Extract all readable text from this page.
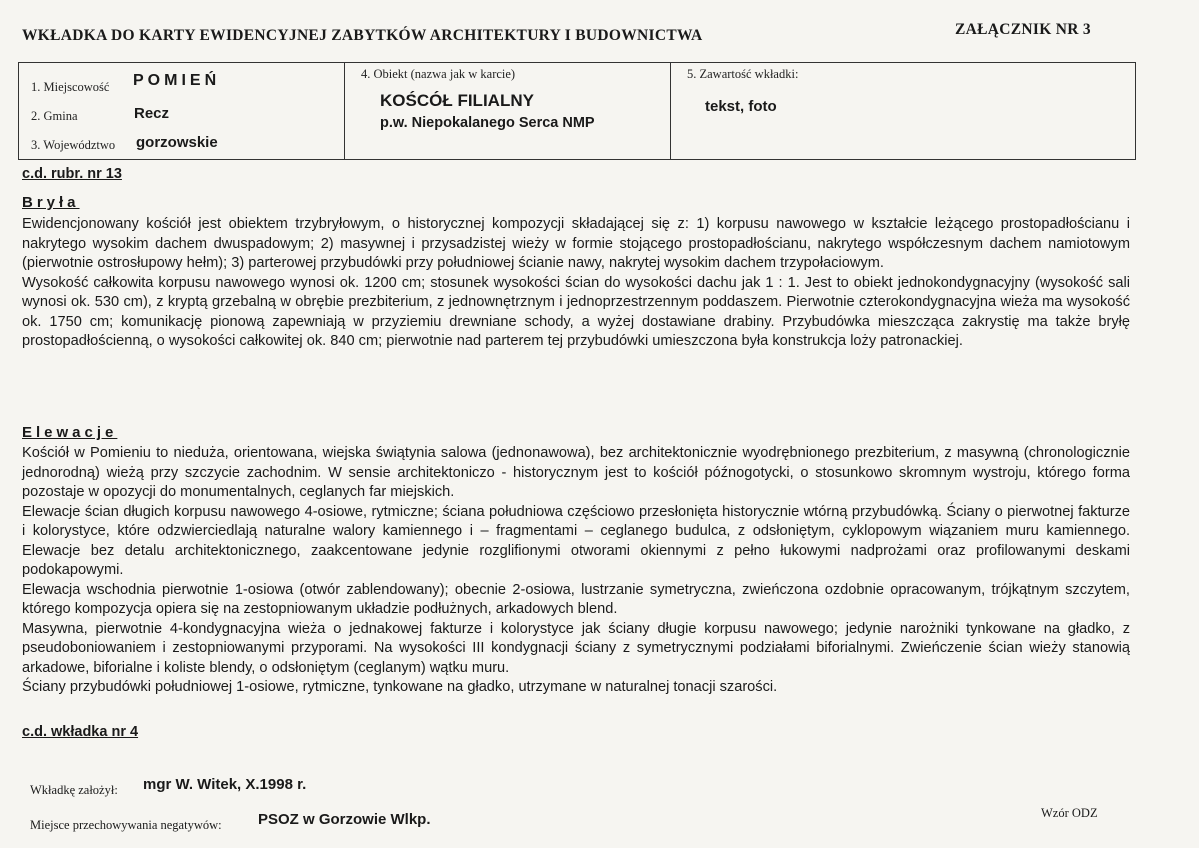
WKŁADKA DO KARTY EWIDENCYJNEJ ZABYTKÓW ARCHITEKTURY I BUDOWNICTWA	ZAŁĄCZNIK NR 3
1. Miejscowość POMIEŃ
2. Gmina	Recz
3. Województwo gorzowskie
4. Obiekt (nazwa jak w karcie)
KOŚCÓŁ FILIALNY
p.w. Niepokalanego Serca NMP
5. Zawartość wkładki:
tekst, foto
c.d. rubr. nr 13
Bryła

Ewidencjonowany kościół jest obiektem trzybryłowym, o historycznej kompozycji składającej się z: 1) korpusu nawowego w kształcie leżącego prostopadłościanu i nakrytego wysokim dachem dwuspadowym; 2) masywnej i przysadzistej wieży w formie stojącego prostopadłościanu, nakrytego współczesnym dachem namiotowym (pierwotnie ostrosłupowy hełm); 3) parterowej przybudówki przy południowej ścianie nawy, nakrytej wysokim dachem trzypołaciowym.

Wysokość całkowita korpusu nawowego wynosi ok. 1200 cm; stosunek wysokości ścian do wysokości dachu jak 1 : 1. Jest to obiekt jednokondygnacyjny (wysokość sali wynosi ok. 530 cm), z kryptą grzebalną w obrębie prezbiterium, z jednownętrznym i jednoprzestrzennym poddaszem. Pierwotnie czterokondygnacyjna wieża ma wysokość ok. 1750 cm; komunikację pionową zapewniają w przyziemiu drewniane schody, a wyżej dostawiane drabiny. Przybudówka mieszcząca zakrystię ma także bryłę prostopadłościenną, o wysokości całkowitej ok. 840 cm; pierwotnie nad parterem tej przybudówki umieszczona była konstrukcja loży patronackiej.

Elewacje

Kościół w Pomieniu to nieduża, orientowana, wiejska świątynia salowa (jednonawowa), bez architektonicznie wyodrębnionego prezbiterium, z masywną (chronologicznie jednorodną) wieżą przy szczycie zachodnim. W sensie architektoniczo - historycznym jest to kościół późnogotycki, o stosunkowo skromnym wystroju, którego forma pozostaje w opozycji do monumentalnych, ceglanych far miejskich.

Elewacje ścian długich korpusu nawowego 4-osiowe, rytmiczne; ściana południowa częściowo przesłonięta historycznie wtórną przybudówką. Ściany o pierwotnej fakturze i kolorystyce, które odzwierciedlają naturalne walory kamiennego i – fragmentami – ceglanego budulca, z odsłoniętym, cyklopowym wiązaniem muru kamiennego. Elewacje bez detalu architektonicznego, zaakcentowane jedynie rozglifionymi otworami okiennymi z pełno łukowymi nadprożami oraz profilowanymi deskami podokapowymi.

Elewacja wschodnia pierwotnie 1-osiowa (otwór zablendowany); obecnie 2-osiowa, lustrzanie symetryczna, zwieńczona ozdobnie opracowanym, trójkątnym szczytem, którego kompozycja opiera się na zestopniowanym układzie podłużnych, arkadowych blend.

Masywna, pierwotnie 4-kondygnacyjna wieża o jednakowej fakturze i kolorystyce jak ściany długie korpusu nawowego; jedynie narożniki tynkowane na gładko, z pseudoboniowaniem i zestopniowanymi przyporami. Na wysokości III kondygnacji ściany z symetrycznymi podziałami biforialnymi. Zwieńczenie ścian wieży stanowią arkadowe, biforialne i koliste blendy, o odsłoniętym (ceglanym) wątku muru.

Ściany przybudówki południowej 1-osiowe, rytmiczne, tynkowane na gładko, utrzymane w naturalnej tonacji szarości.

c.d. wkładka nr 4
Wkładkę założył: mgr W. Witek, X.1998 r.
Miejsce przechowywania negatywów: PSOZ w Gorzowie Wlkp.	Wzór ODZ
